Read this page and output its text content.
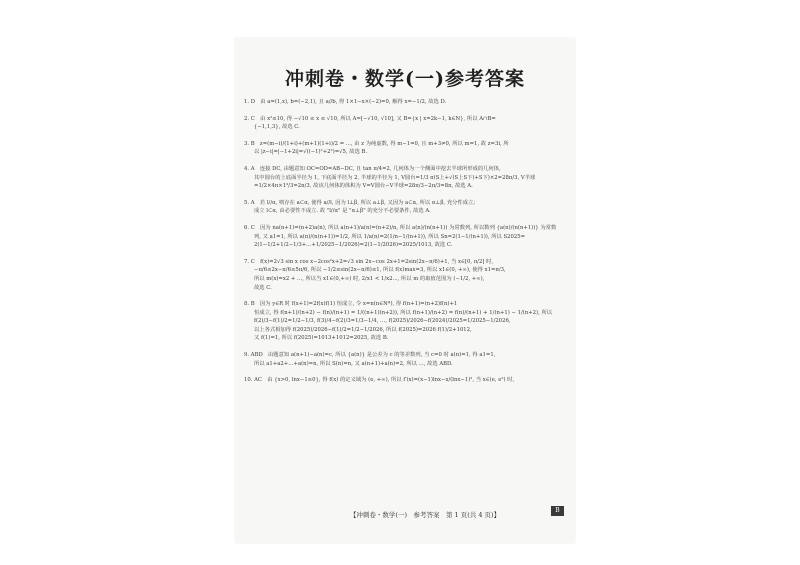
冲刺卷・数学(一)参考答案
1. D　由 a=(1,x), b=(−2,1), 且 a//b, 得 1×1−x×(−2)=0, 解得 x=−1/2, 故选 D.
2. C　由 x²≤10, 得 −√10 ≤ x ≤ √10, 所以 A=[−√10, √10], 又 B={x | x=2k−1, k∈N}, 所以 A∩B=
{−1,1,3}, 故选 C.
3. B　z=(m−i)/(1+i)+(m+1)(1+i)/2 = ..., 由 z 为纯虚数, 得 m−1=0, 且 m+3≠0, 所以 m=1, 故 z=3i, 所
以 |z−i|=|−1+2i|=√((−1)²+2²)=√5, 故选 B.
4. A　连接 DC, 由题意知 OC=OD=AB−DC, 且 tan π/4=2, 几何体为一个侧面中挖去半球所形成的几何体,
其中圆台的上底面半径为 1, 下底面半径为 2, 半球的半径为 1, V圆台=1/3 π(S上+√(S上S下)+S下)×2=28π/3, V半球
=1/2×4π×1³/3=2π/3, 故该几何体的体积为 V=V圆台−V半球=28π/3−2π/3=8π, 故选 A.
5. A　若 l//α, 则存在 a⊂α, 使得 a//l, 因为 l⊥β, 所以 a⊥β, 又因为 a⊂α, 所以 α⊥β, 充分性成立;
成立 l⊂α, 由必要性不成立. 故 "l//α" 是 "α⊥β" 的充分不必要条件, 故选 A.
6. C　因为 na(n+1)=(n+2)a(n), 所以 a(n+1)/a(n)=(n+2)/n, 所以 a(n)/(n(n+1)) 为常数列, 所以数列 {a(n)/(n(n+1))} 为常数
列, 又 a1=1, 所以 a(n)/(n(n+1))=1/2, 所以 1/a(n)=2(1/n−1/(n+1)), 所以 Sn=2(1−1/(n+1)), 所以 S2025=
2(1−1/2+1/2−1/3+…+1/2025−1/2026)=2(1−1/2026)=2025/1013, 故选 C.
7. C　f(x)=2√3 sin x cos x−2cos²x+2=√3 sin 2x−cos 2x+1=2sin(2x−π/6)+1, 当 x∈[0, π/2] 时,
−π/6≤2x−π/6≤5π/6, 所以 −1/2≤sin(2x−π/6)≤1, 所以 f(x)max=3, 所以 x1∈(0, +∞), 使得 x1=π/3,
所以 m(x)=x2 + ..., 所以当 x1∈(0,+∞) 时, 2/x1 < 1/x2..., 所以 m 的取值范围为 (−1/2, +∞),
故选 C.
8. B　因为 y∈R 时 f(x+1)=2f(x)f(1) 恒成立, 令 x=n(n∈N*), 得 f(n+1)=(n+2)f(n)+1
恒成立, 得 f(n+1)/(n+2) − f(n)/(n+1) = 1/((n+1)(n+2)), 所以 f(n+1)/(n+2) = f(n)/(n+1) + 1/(n+1) − 1/(n+2), 所以
f(2)/3−f(1)/2=1/2−1/3, f(3)/4−f(2)/3=1/3−1/4, …, f(2025)/2026−f(2024)/2025=1/2025−1/2026,
以上各式相加得 f(2025)/2026−f(1)/2=1/2−1/2026, 所以 f(2025)=2026 f(1)/2+1012,
又 f(1)=1, 所以 f(2025)=1013+1012=2025, 故选 B.
9. ABD　由题意知 a(n+1)−a(n)=c, 所以 {a(n)} 是公差为 c 的等差数列, 当 c=0 时 a(n)=1, 得 a1=1,
所以 a1+a2+…+a(n)=n, 所以 S(n)=n, 又 a(n+1)+a(n)=2, 所以 ..., 故选 ABD.
10. AC　由 {x>0, lnx−1≥0}, 得 f(x) 的定义域为 (e, +∞), 所以 f′(x)=(x−1)lnx−x/(lnx−1)², 当 x∈(e, e²) 时,
【冲刺卷・数学(一)　参考答案　第 1 页(共 4 页)】
B
